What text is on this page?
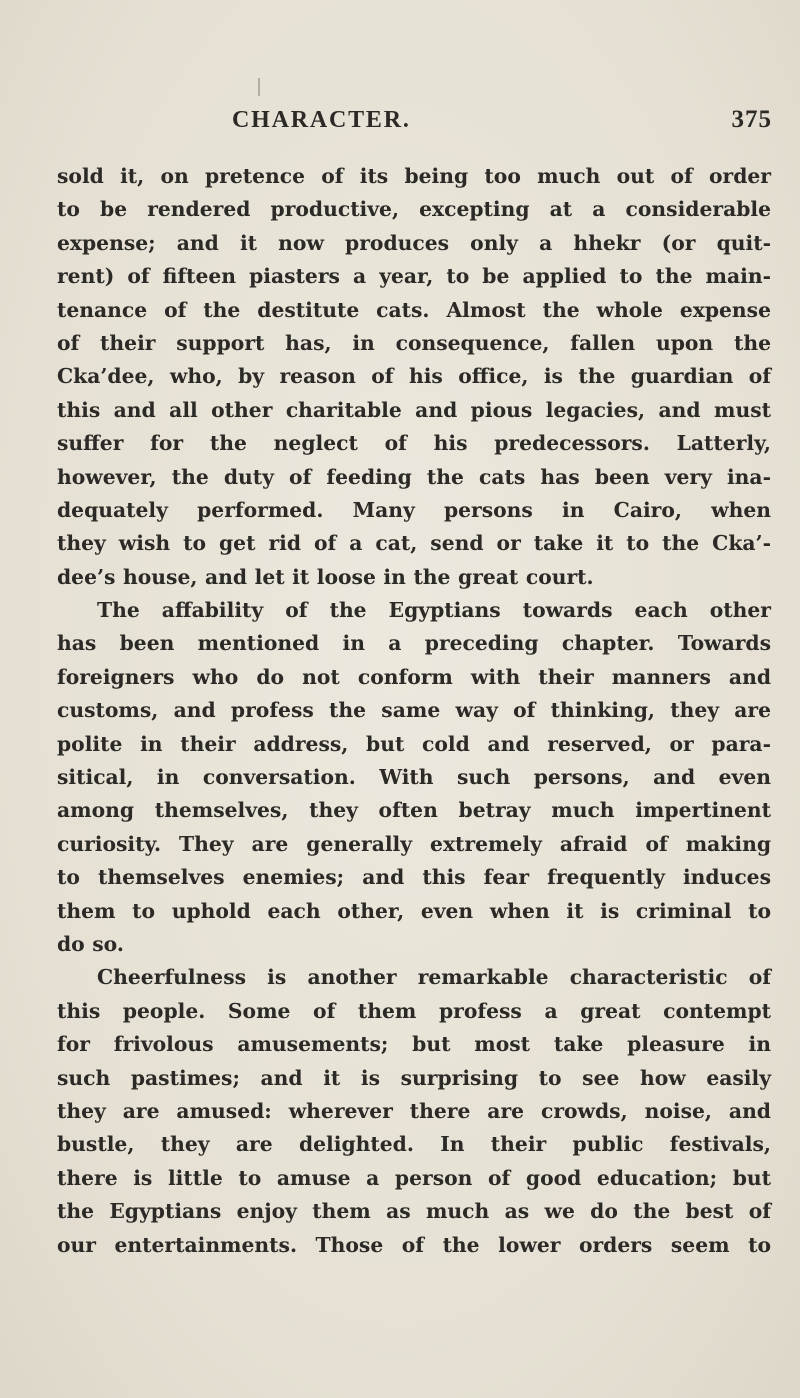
CHARACTER.	375
sold it, on pretence of its being too much out of order
to be rendered productive, excepting at a considerable
expense; and it now produces only a hhekr (or quit-
rent) of fifteen piasters a year, to be applied to the main-
tenance of the destitute cats. Almost the whole expense
of their support has, in consequence, fallen upon the
Cka’dee, who, by reason of his office, is the guardian of
this and all other charitable and pious legacies, and must
suffer for the neglect of his predecessors. Latterly,
however, the duty of feeding the cats has been very ina-
dequately performed. Many persons in Cairo, when
they wish to get rid of a cat, send or take it to the Cka’-
dee’s house, and let it loose in the great court.
The affability of the Egyptians towards each other
has been mentioned in a preceding chapter. Towards
foreigners who do not conform with their manners and
customs, and profess the same way of thinking, they are
polite in their address, but cold and reserved, or para-
sitical, in conversation. With such persons, and even
among themselves, they often betray much impertinent
curiosity. They are generally extremely afraid of making
to themselves enemies; and this fear frequently induces
them to uphold each other, even when it is criminal to
do so.
Cheerfulness is another remarkable characteristic of
this people. Some of them profess a great contempt
for frivolous amusements; but most take pleasure in
such pastimes; and it is surprising to see how easily
they are amused: wherever there are crowds, noise, and
bustle, they are delighted. In their public festivals,
there is little to amuse a person of good education; but
the Egyptians enjoy them as much as we do the best of
our entertainments. Those of the lower orders seem to
